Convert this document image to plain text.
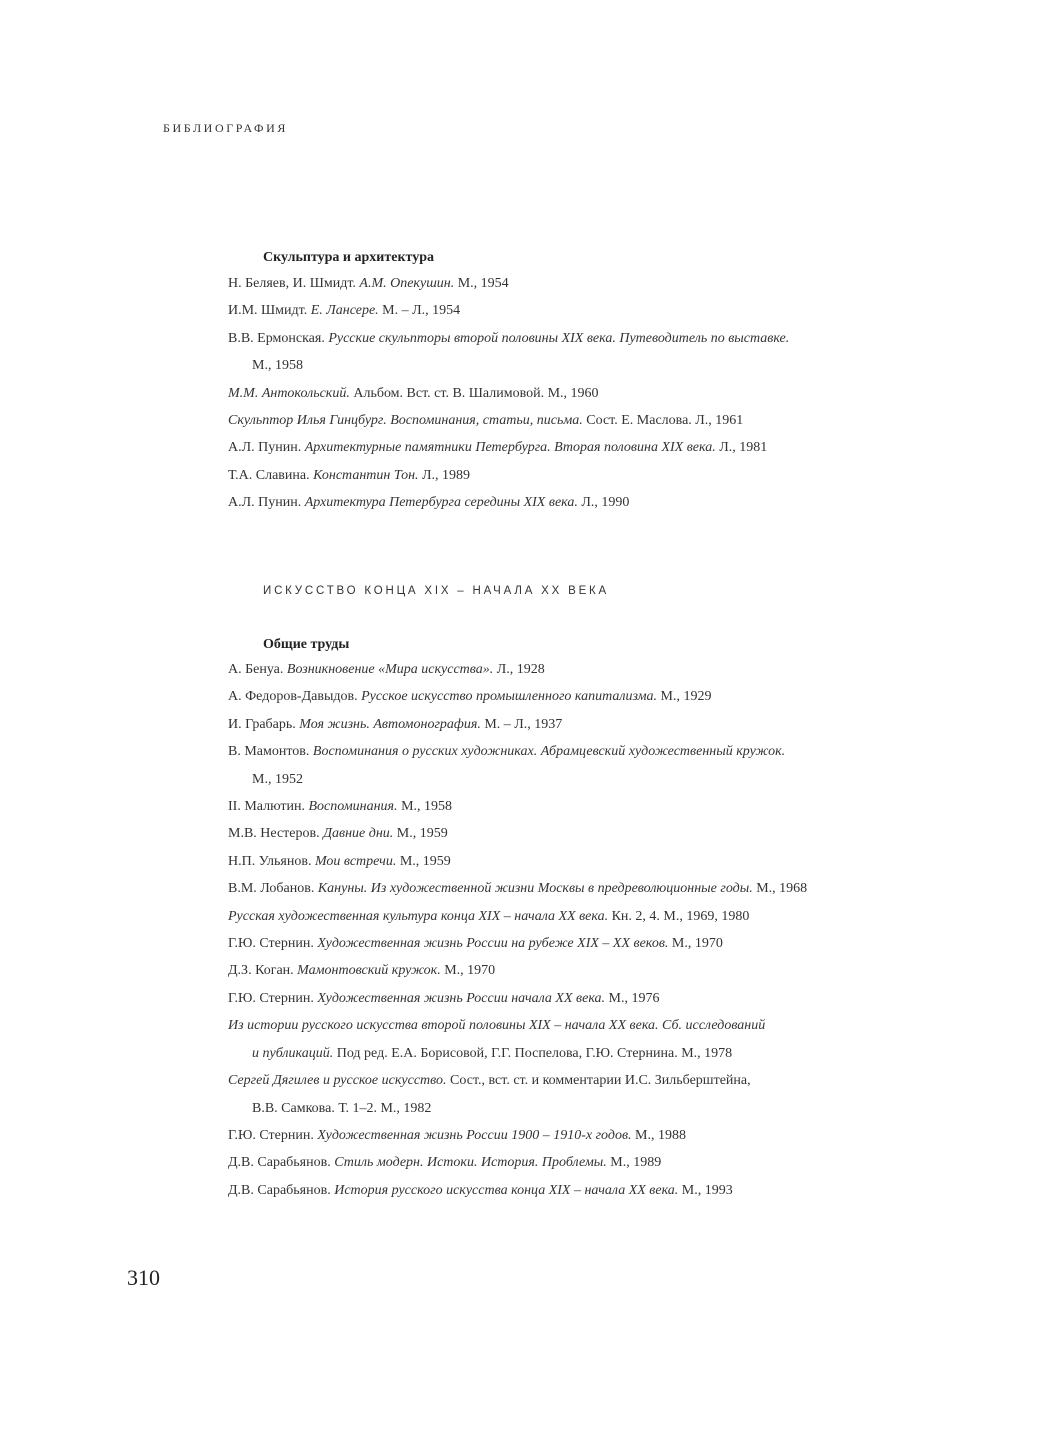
БИБЛИОГРАФИЯ
Скульптура и архитектура
Н. Беляев, И. Шмидт. А.М. Опекушин. М., 1954
И.М. Шмидт. Е. Лансере. М. – Л., 1954
В.В. Ермонская. Русские скульпторы второй половины XIX века. Путеводитель по выставке.
М., 1958
М.М. Антокольский. Альбом. Вст. ст. В. Шалимовой. М., 1960
Скульптор Илья Гинцбург. Воспоминания, статьи, письма. Сост. Е. Маслова. Л., 1961
А.Л. Пунин. Архитектурные памятники Петербурга. Вторая половина XIX века. Л., 1981
Т.А. Славина. Константин Тон. Л., 1989
А.Л. Пунин. Архитектура Петербурга середины XIX века. Л., 1990
ИСКУССТВО КОНЦА XIX – НАЧАЛА XX ВЕКА
Общие труды
А. Бенуа. Возникновение «Мира искусства». Л., 1928
А. Федоров-Давыдов. Русское искусство промышленного капитализма. М., 1929
И. Грабарь. Моя жизнь. Автомонография. М. – Л., 1937
В. Мамонтов. Воспоминания о русских художниках. Абрамцевский художественный кружок.
М., 1952
II. Малютин. Воспоминания. М., 1958
М.В. Нестеров. Давние дни. М., 1959
Н.П. Ульянов. Мои встречи. М., 1959
В.М. Лобанов. Кануны. Из художественной жизни Москвы в предреволюционные годы. М., 1968
Русская художественная культура конца XIX – начала XX века. Кн. 2, 4. М., 1969, 1980
Г.Ю. Стернин. Художественная жизнь России на рубеже XIX – XX веков. М., 1970
Д.З. Коган. Мамонтовский кружок. М., 1970
Г.Ю. Стернин. Художественная жизнь России начала XX века. М., 1976
Из истории русского искусства второй половины XIX – начала XX века. Сб. исследований
и публикаций. Под ред. Е.А. Борисовой, Г.Г. Поспелова, Г.Ю. Стернина. М., 1978
Сергей Дягилев и русское искусство. Сост., вст. ст. и комментарии И.С. Зильберштейна,
В.В. Самкова. Т. 1–2. М., 1982
Г.Ю. Стернин. Художественная жизнь России 1900 – 1910-х годов. М., 1988
Д.В. Сарабьянов. Стиль модерн. Истоки. История. Проблемы. М., 1989
Д.В. Сарабьянов. История русского искусства конца XIX – начала XX века. М., 1993
310
